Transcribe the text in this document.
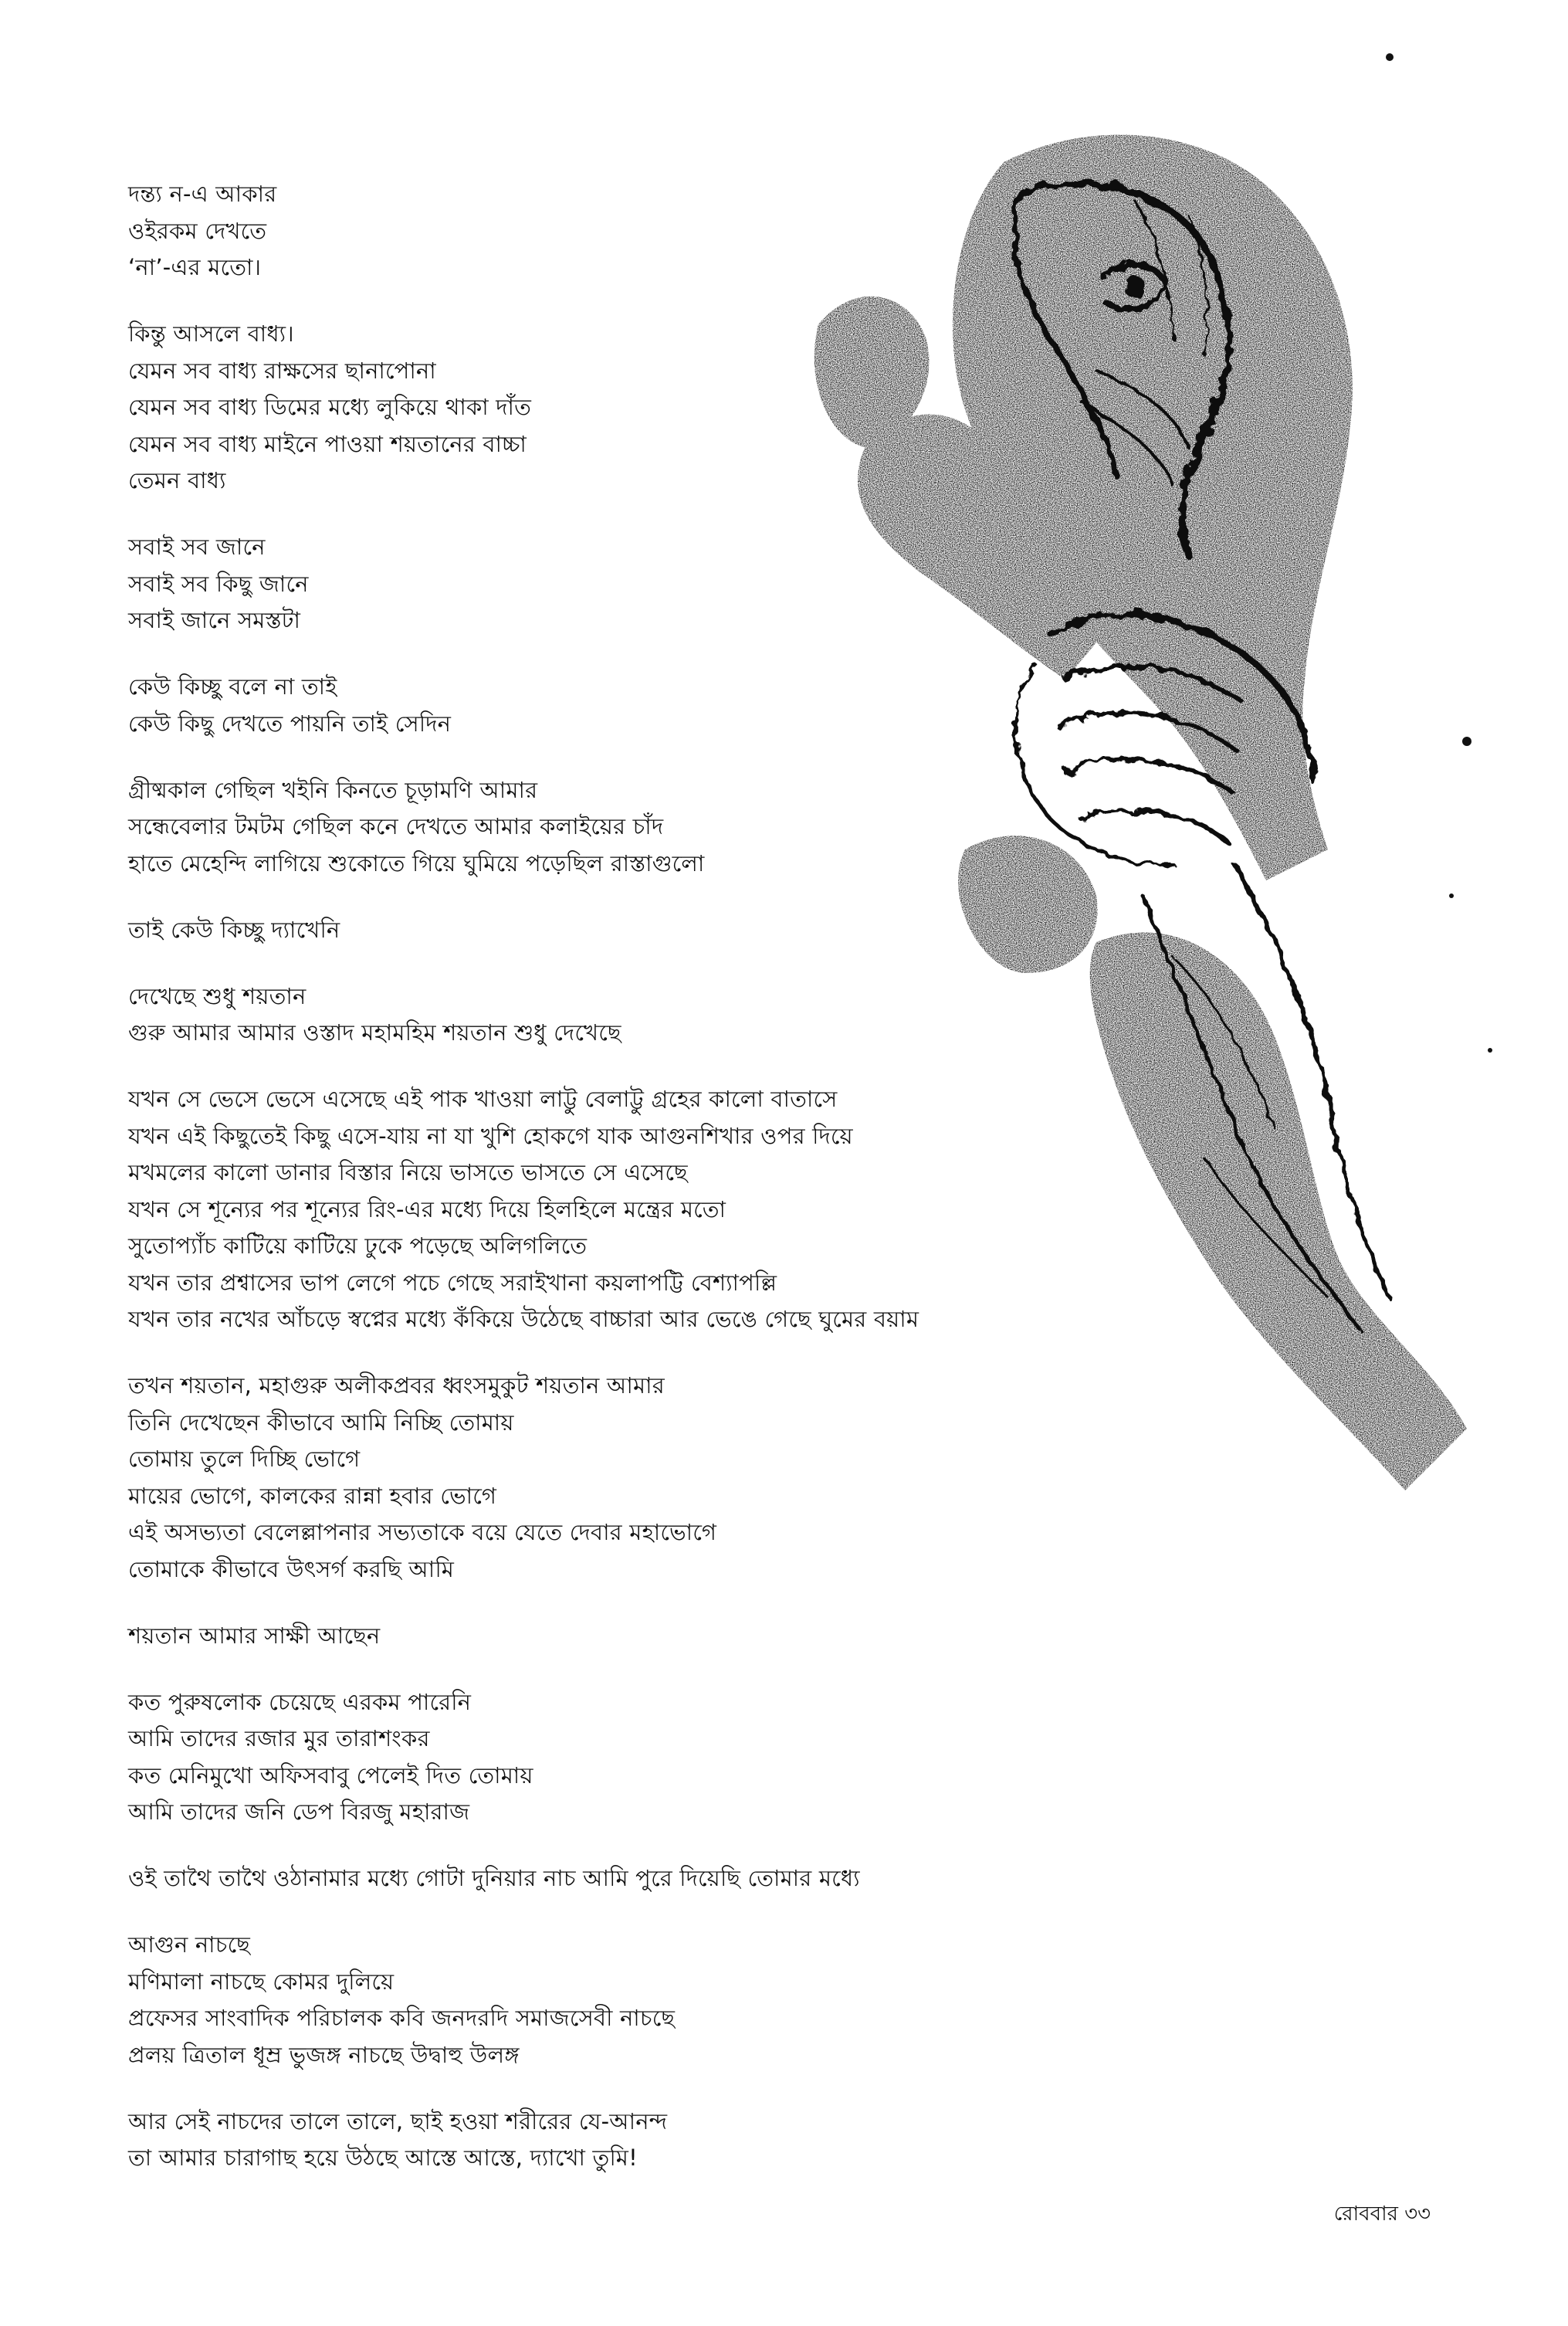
দন্ত্য ন-এ আকার
ওইরকম দেখতে
‘না’-এর মতো।
কিন্তু আসলে বাধ্য।
যেমন সব বাধ্য রাক্ষসের ছানাপোনা
যেমন সব বাধ্য ডিমের মধ্যে লুকিয়ে থাকা দাঁত
যেমন সব বাধ্য মাইনে পাওয়া শয়তানের বাচ্চা
তেমন বাধ্য
সবাই সব জানে
সবাই সব কিছু জানে
সবাই জানে সমস্তটা
কেউ কিচ্ছু বলে না তাই
কেউ কিছু দেখতে পায়নি তাই সেদিন
গ্রীষ্মকাল গেছিল খইনি কিনতে চূড়ামণি আমার
সন্ধেবেলার টমটম গেছিল কনে দেখতে আমার কলাইয়ের চাঁদ
হাতে মেহেন্দি লাগিয়ে শুকোতে গিয়ে ঘুমিয়ে পড়েছিল রাস্তাগুলো
তাই কেউ কিচ্ছু দ্যাখেনি
দেখেছে শুধু শয়তান
গুরু আমার আমার ওস্তাদ মহামহিম শয়তান শুধু দেখেছে
যখন সে ভেসে ভেসে এসেছে এই পাক খাওয়া লাট্টু বেলাট্টু গ্রহের কালো বাতাসে
যখন এই কিছুতেই কিছু এসে-যায় না যা খুশি হোকগে যাক আগুনশিখার ওপর দিয়ে
মখমলের কালো ডানার বিস্তার নিয়ে ভাসতে ভাসতে সে এসেছে
যখন সে শূন্যের পর শূন্যের রিং-এর মধ্যে দিয়ে হিলহিলে মন্ত্রের মতো
সুতোপ্যাঁচ কাটিয়ে কাটিয়ে ঢুকে পড়েছে অলিগলিতে
যখন তার প্রশ্বাসের ভাপ লেগে পচে গেছে সরাইখানা কয়লাপট্টি বেশ্যাপল্লি
যখন তার নখের আঁচড়ে স্বপ্নের মধ্যে কঁকিয়ে উঠেছে বাচ্চারা আর ভেঙে গেছে ঘুমের বয়াম
তখন শয়তান, মহাগুরু অলীকপ্রবর ধ্বংসমুকুট শয়তান আমার
তিনি দেখেছেন কীভাবে আমি নিচ্ছি তোমায়
তোমায় তুলে দিচ্ছি ভোগে
মায়ের ভোগে, কালকের রান্না হবার ভোগে
এই অসভ্যতা বেলেল্লাপনার সভ্যতাকে বয়ে যেতে দেবার মহাভোগে
তোমাকে কীভাবে উৎসর্গ করছি আমি
শয়তান আমার সাক্ষী আছেন
কত পুরুষলোক চেয়েছে এরকম পারেনি
আমি তাদের রজার মুর তারাশংকর
কত মেনিমুখো অফিসবাবু পেলেই দিত তোমায়
আমি তাদের জনি ডেপ বিরজু মহারাজ
ওই তাথৈ তাথৈ ওঠানামার মধ্যে গোটা দুনিয়ার নাচ আমি পুরে দিয়েছি তোমার মধ্যে
আগুন নাচছে
মণিমালা নাচছে কোমর দুলিয়ে
প্রফেসর সাংবাদিক পরিচালক কবি জনদরদি সমাজসেবী নাচছে
প্রলয় ত্রিতাল ধূম্র ভুজঙ্গ নাচছে উদ্বাহু উলঙ্গ
আর সেই নাচদের তালে তালে, ছাই হওয়া শরীরের যে-আনন্দ
তা আমার চারাগাছ হয়ে উঠছে আস্তে আস্তে, দ্যাখো তুমি!
রোববার ৩৩
